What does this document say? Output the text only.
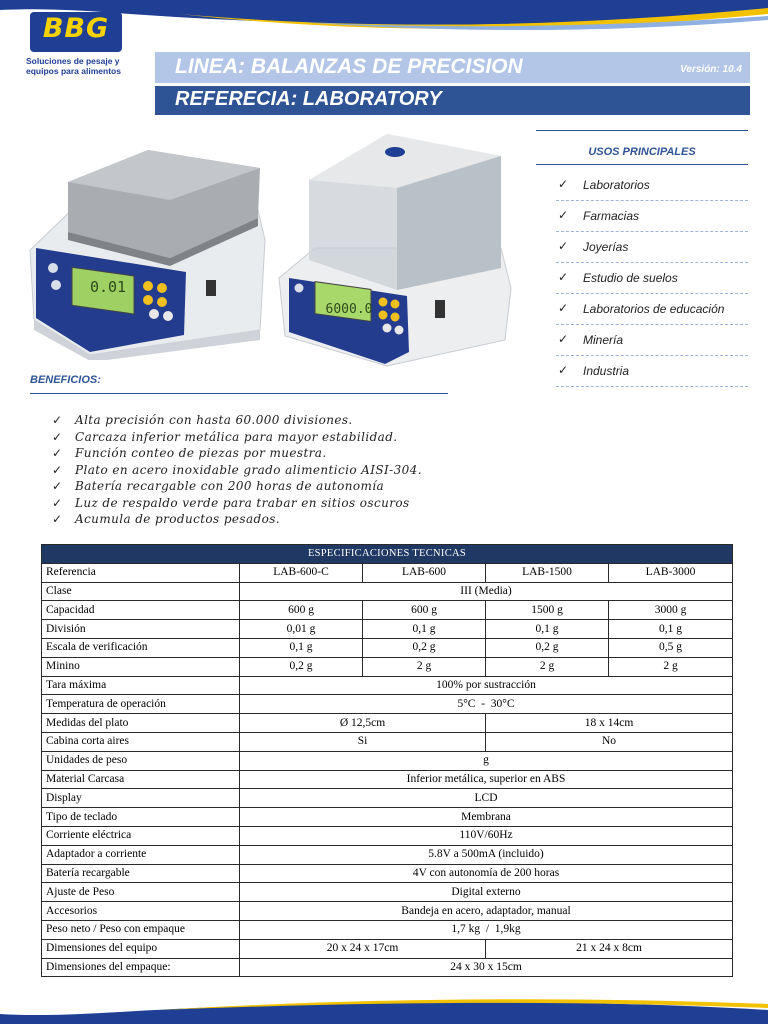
BBG
Soluciones de pesaje y
equipos para alimentos	LINEA: BALANZAS DE PRECISION	Versión: 10.4
REFERECIA: LABORATORY
0.01
6000.0
USOS PRINCIPALES
✓ Laboratorios
✓ Farmacias
✓ Joyerías
✓ Estudio de suelos
✓ Laboratorios de educación
✓ Minería
✓ Industria
BENEFICIOS:
✓ Alta precisión con hasta 60.000 divisiones.
✓ Carcaza inferior metálica para mayor estabilidad.
✓ Función conteo de piezas por muestra.
✓ Plato en acero inoxidable grado alimenticio AISI-304.
✓ Batería recargable con 200 horas de autonomía
✓ Luz de respaldo verde para trabar en sitios oscuros
✓ Acumula de productos pesados.
ESPECIFICACIONES TECNICAS				
Referencia	LAB-600-C	LAB-600	LAB-1500	LAB-3000
Clase	III (Media)			
Capacidad	600 g	600 g	1500 g	3000 g
División	0,01 g	0,1 g	0,1 g	0,1 g
Escala de verificación	0,1 g	0,2 g	0,2 g	0,5 g
Minino	0,2 g	2 g	2 g	2 g
Tara máxima	100% por sustracción			
Temperatura de operación	5°C  -  30°C			
Medidas del plato	Ø 12,5cm		18 x 14cm	
Cabina corta aires	Si		No	
Unidades de peso	g			
Material Carcasa	Inferior metálica, superior en ABS			
Display	LCD			
Tipo de teclado	Membrana			
Corriente eléctrica	110V/60Hz			
Adaptador a corriente	5.8V a 500mA (incluido)			
Batería recargable	4V con autonomía de 200 horas			
Ajuste de Peso	Digital externo			
Accesorios	Bandeja en acero, adaptador, manual			
Peso neto / Peso con empaque	1,7 kg  /  1,9kg			
Dimensiones del equipo	20 x 24 x 17cm		21 x 24 x 8cm	
Dimensiones del empaque:	24 x 30 x 15cm			
